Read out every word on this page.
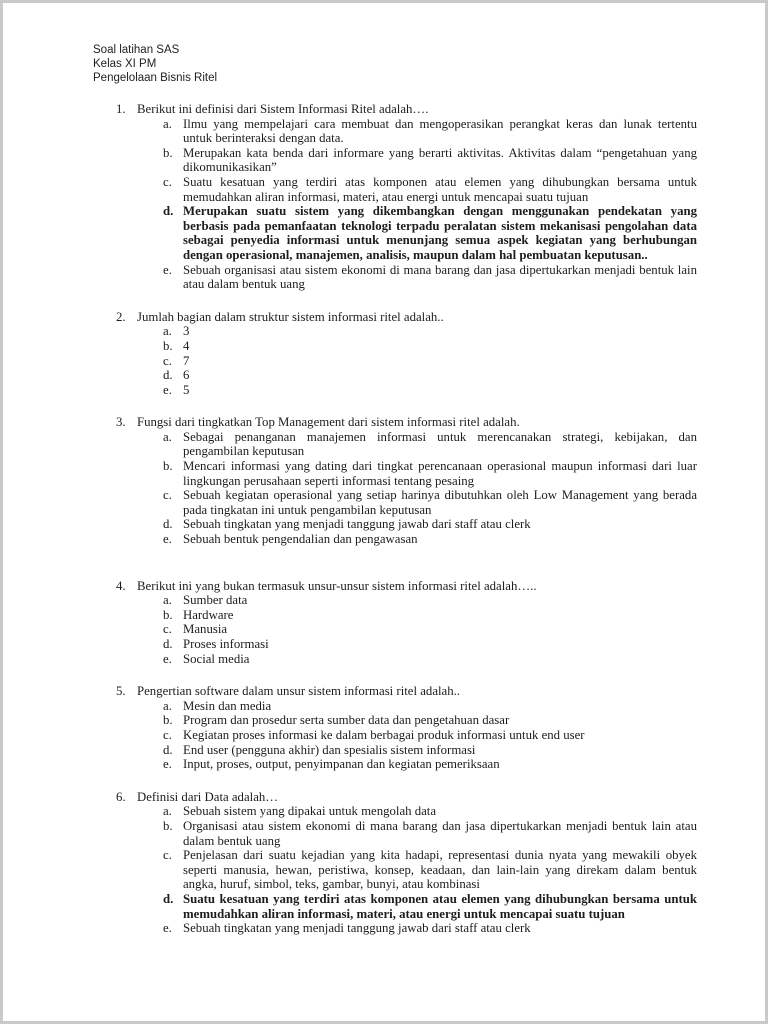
Soal latihan SAS
Kelas XI PM
Pengelolaan Bisnis Ritel
1. Berikut ini definisi dari Sistem Informasi Ritel adalah….
a. Ilmu yang mempelajari cara membuat dan mengoperasikan perangkat keras dan lunak tertentu untuk berinteraksi dengan data.
b. Merupakan kata benda dari informare yang berarti aktivitas. Aktivitas dalam “pengetahuan yang dikomunikasikan”
c. Suatu kesatuan yang terdiri atas komponen atau elemen yang dihubungkan bersama untuk memudahkan aliran informasi, materi, atau energi untuk mencapai suatu tujuan
d. Merupakan suatu sistem yang dikembangkan dengan menggunakan pendekatan yang berbasis pada pemanfaatan teknologi terpadu peralatan sistem mekanisasi pengolahan data sebagai penyedia informasi untuk menunjang semua aspek kegiatan yang berhubungan dengan operasional, manajemen, analisis, maupun dalam hal pembuatan keputusan..
e. Sebuah organisasi atau sistem ekonomi di mana barang dan jasa dipertukarkan menjadi bentuk lain atau dalam bentuk uang
2. Jumlah bagian dalam struktur sistem informasi ritel adalah..
a. 3
b. 4
c. 7
d. 6
e. 5
3. Fungsi dari tingkatkan Top Management dari sistem informasi ritel adalah.
a. Sebagai penanganan manajemen informasi untuk merencanakan strategi, kebijakan, dan pengambilan keputusan
b. Mencari informasi yang dating dari tingkat perencanaan operasional maupun informasi dari luar lingkungan perusahaan seperti informasi tentang pesaing
c. Sebuah kegiatan operasional yang setiap harinya dibutuhkan oleh Low Management yang berada pada tingkatan ini untuk pengambilan keputusan
d. Sebuah tingkatan yang menjadi tanggung jawab dari staff atau clerk
e. Sebuah bentuk pengendalian dan pengawasan
4. Berikut ini yang bukan termasuk unsur-unsur sistem informasi ritel adalah…..
a. Sumber data
b. Hardware
c. Manusia
d. Proses informasi
e. Social media
5. Pengertian software dalam unsur sistem informasi ritel adalah..
a. Mesin dan media
b. Program dan prosedur serta sumber data dan pengetahuan dasar
c. Kegiatan proses informasi ke dalam berbagai produk informasi untuk end user
d. End user (pengguna akhir) dan spesialis sistem informasi
e. Input, proses, output, penyimpanan dan kegiatan pemeriksaan
6. Definisi dari Data adalah…
a. Sebuah sistem yang dipakai untuk mengolah data
b. Organisasi atau sistem ekonomi di mana barang dan jasa dipertukarkan menjadi bentuk lain atau dalam bentuk uang
c. Penjelasan dari suatu kejadian yang kita hadapi, representasi dunia nyata yang mewakili obyek seperti manusia, hewan, peristiwa, konsep, keadaan, dan lain-lain yang direkam dalam bentuk angka, huruf, simbol, teks, gambar, bunyi, atau kombinasi
d. Suatu kesatuan yang terdiri atas komponen atau elemen yang dihubungkan bersama untuk memudahkan aliran informasi, materi, atau energi untuk mencapai suatu tujuan
e. Sebuah tingkatan yang menjadi tanggung jawab dari staff atau clerk
